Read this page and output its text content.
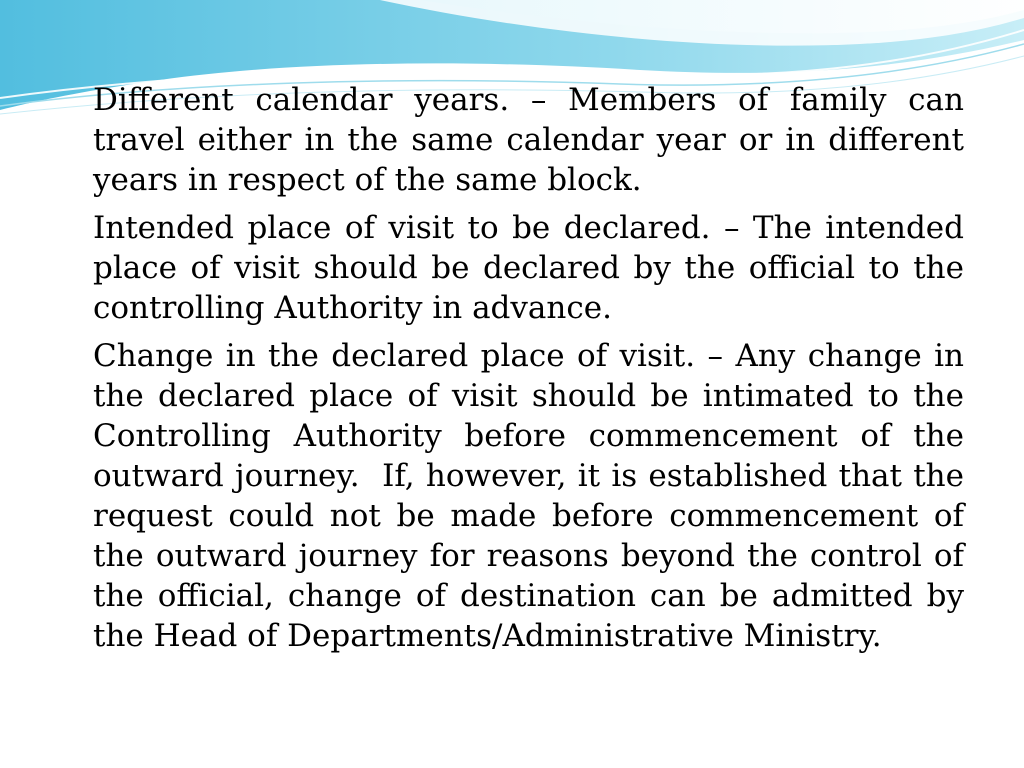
Different calendar years. – Members of family can travel either in the same calendar year or in different years in respect of the same block.

Intended place of visit to be declared. – The intended place of visit should be declared by the official to the controlling Authority in advance.

Change in the declared place of visit. – Any change in the declared place of visit should be intimated to the Controlling Authority before commencement of the outward journey.  If, however, it is established that the request could not be made before commencement of the outward journey for reasons beyond the control of the official, change of destination can be admitted by the Head of Departments/Administrative Ministry.
